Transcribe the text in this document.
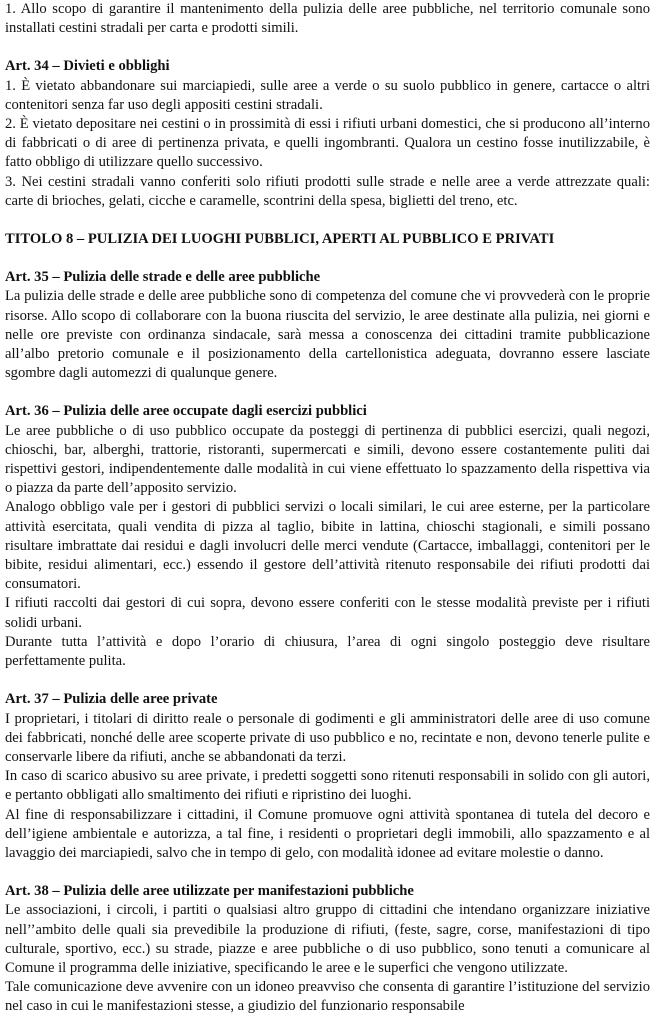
1. Allo scopo di garantire il mantenimento della pulizia delle aree pubbliche, nel territorio comunale sono installati cestini stradali per carta e prodotti simili.

Art. 34 – Divieti e obblighi

1. È vietato abbandonare sui marciapiedi, sulle aree a verde o su suolo pubblico in genere, cartacce o altri contenitori senza far uso degli appositi cestini stradali.

2. È vietato depositare nei cestini o in prossimità di essi i rifiuti urbani domestici, che si producono all’interno di fabbricati o di aree di pertinenza privata, e quelli ingombranti. Qualora un cestino fosse inutilizzabile, è fatto obbligo di utilizzare quello successivo.

3. Nei cestini stradali vanno conferiti solo rifiuti prodotti sulle strade e nelle aree a verde attrezzate quali: carte di brioches, gelati, cicche e caramelle, scontrini della spesa, biglietti del treno, etc.

TITOLO 8 – PULIZIA DEI LUOGHI PUBBLICI, APERTI AL PUBBLICO E PRIVATI

Art. 35 – Pulizia delle strade e delle aree pubbliche

La pulizia delle strade e delle aree pubbliche sono di competenza del comune che vi provvederà con le proprie risorse. Allo scopo di collaborare con la buona riuscita del servizio, le aree destinate alla pulizia, nei giorni e nelle ore previste con ordinanza sindacale, sarà messa a conoscenza dei cittadini tramite pubblicazione all’albo pretorio comunale e il posizionamento della cartellonistica adeguata, dovranno essere lasciate sgombre dagli automezzi di qualunque genere.

Art. 36 – Pulizia delle aree occupate dagli esercizi pubblici

Le aree pubbliche o di uso pubblico occupate da posteggi di pertinenza di pubblici esercizi, quali negozi, chioschi, bar, alberghi, trattorie, ristoranti, supermercati e simili, devono essere costantemente puliti dai rispettivi gestori, indipendentemente dalle modalità in cui viene effettuato lo spazzamento della rispettiva via o piazza da parte dell’apposito servizio.

Analogo obbligo vale per i gestori di pubblici servizi o locali similari, le cui aree esterne, per la particolare attività esercitata, quali vendita di pizza al taglio, bibite in lattina, chioschi stagionali, e simili possano risultare imbrattate dai residui e dagli involucri delle merci vendute (Cartacce, imballaggi, contenitori per le bibite, residui alimentari, ecc.) essendo il gestore dell’attività ritenuto responsabile dei rifiuti prodotti dai consumatori.

I rifiuti raccolti dai gestori di cui sopra, devono essere conferiti con le stesse modalità previste per i rifiuti solidi urbani.

Durante tutta l’attività e dopo l’orario di chiusura, l’area di ogni singolo posteggio deve risultare perfettamente pulita.

Art. 37 – Pulizia delle aree private

I proprietari, i titolari di diritto reale o personale di godimenti e gli amministratori delle aree di uso comune dei fabbricati, nonché delle aree scoperte private di uso pubblico e no, recintate e non, devono tenerle pulite e conservarle libere da rifiuti, anche se abbandonati da terzi.

In caso di scarico abusivo su aree private, i predetti soggetti sono ritenuti responsabili in solido con gli autori, e pertanto obbligati allo smaltimento dei rifiuti e ripristino dei luoghi.

Al fine di responsabilizzare i cittadini, il Comune promuove ogni attività spontanea di tutela del decoro e dell’igiene ambientale e autorizza, a tal fine, i residenti o proprietari degli immobili, allo spazzamento e al lavaggio dei marciapiedi, salvo che in tempo di gelo, con modalità idonee ad evitare molestie o danno.

Art. 38 – Pulizia delle aree utilizzate per manifestazioni pubbliche

Le associazioni, i circoli, i partiti o qualsiasi altro gruppo di cittadini che intendano organizzare iniziative nell’’ambito delle quali sia prevedibile la produzione di rifiuti, (feste, sagre, corse, manifestazioni di tipo culturale, sportivo, ecc.) su strade, piazze e aree pubbliche o di uso pubblico, sono tenuti a comunicare al Comune il programma delle iniziative, specificando le aree e le superfici che vengono utilizzate.

Tale comunicazione deve avvenire con un idoneo preavviso che consenta di garantire l’istituzione del servizio nel caso in cui le manifestazioni stesse, a giudizio del funzionario responsabile
